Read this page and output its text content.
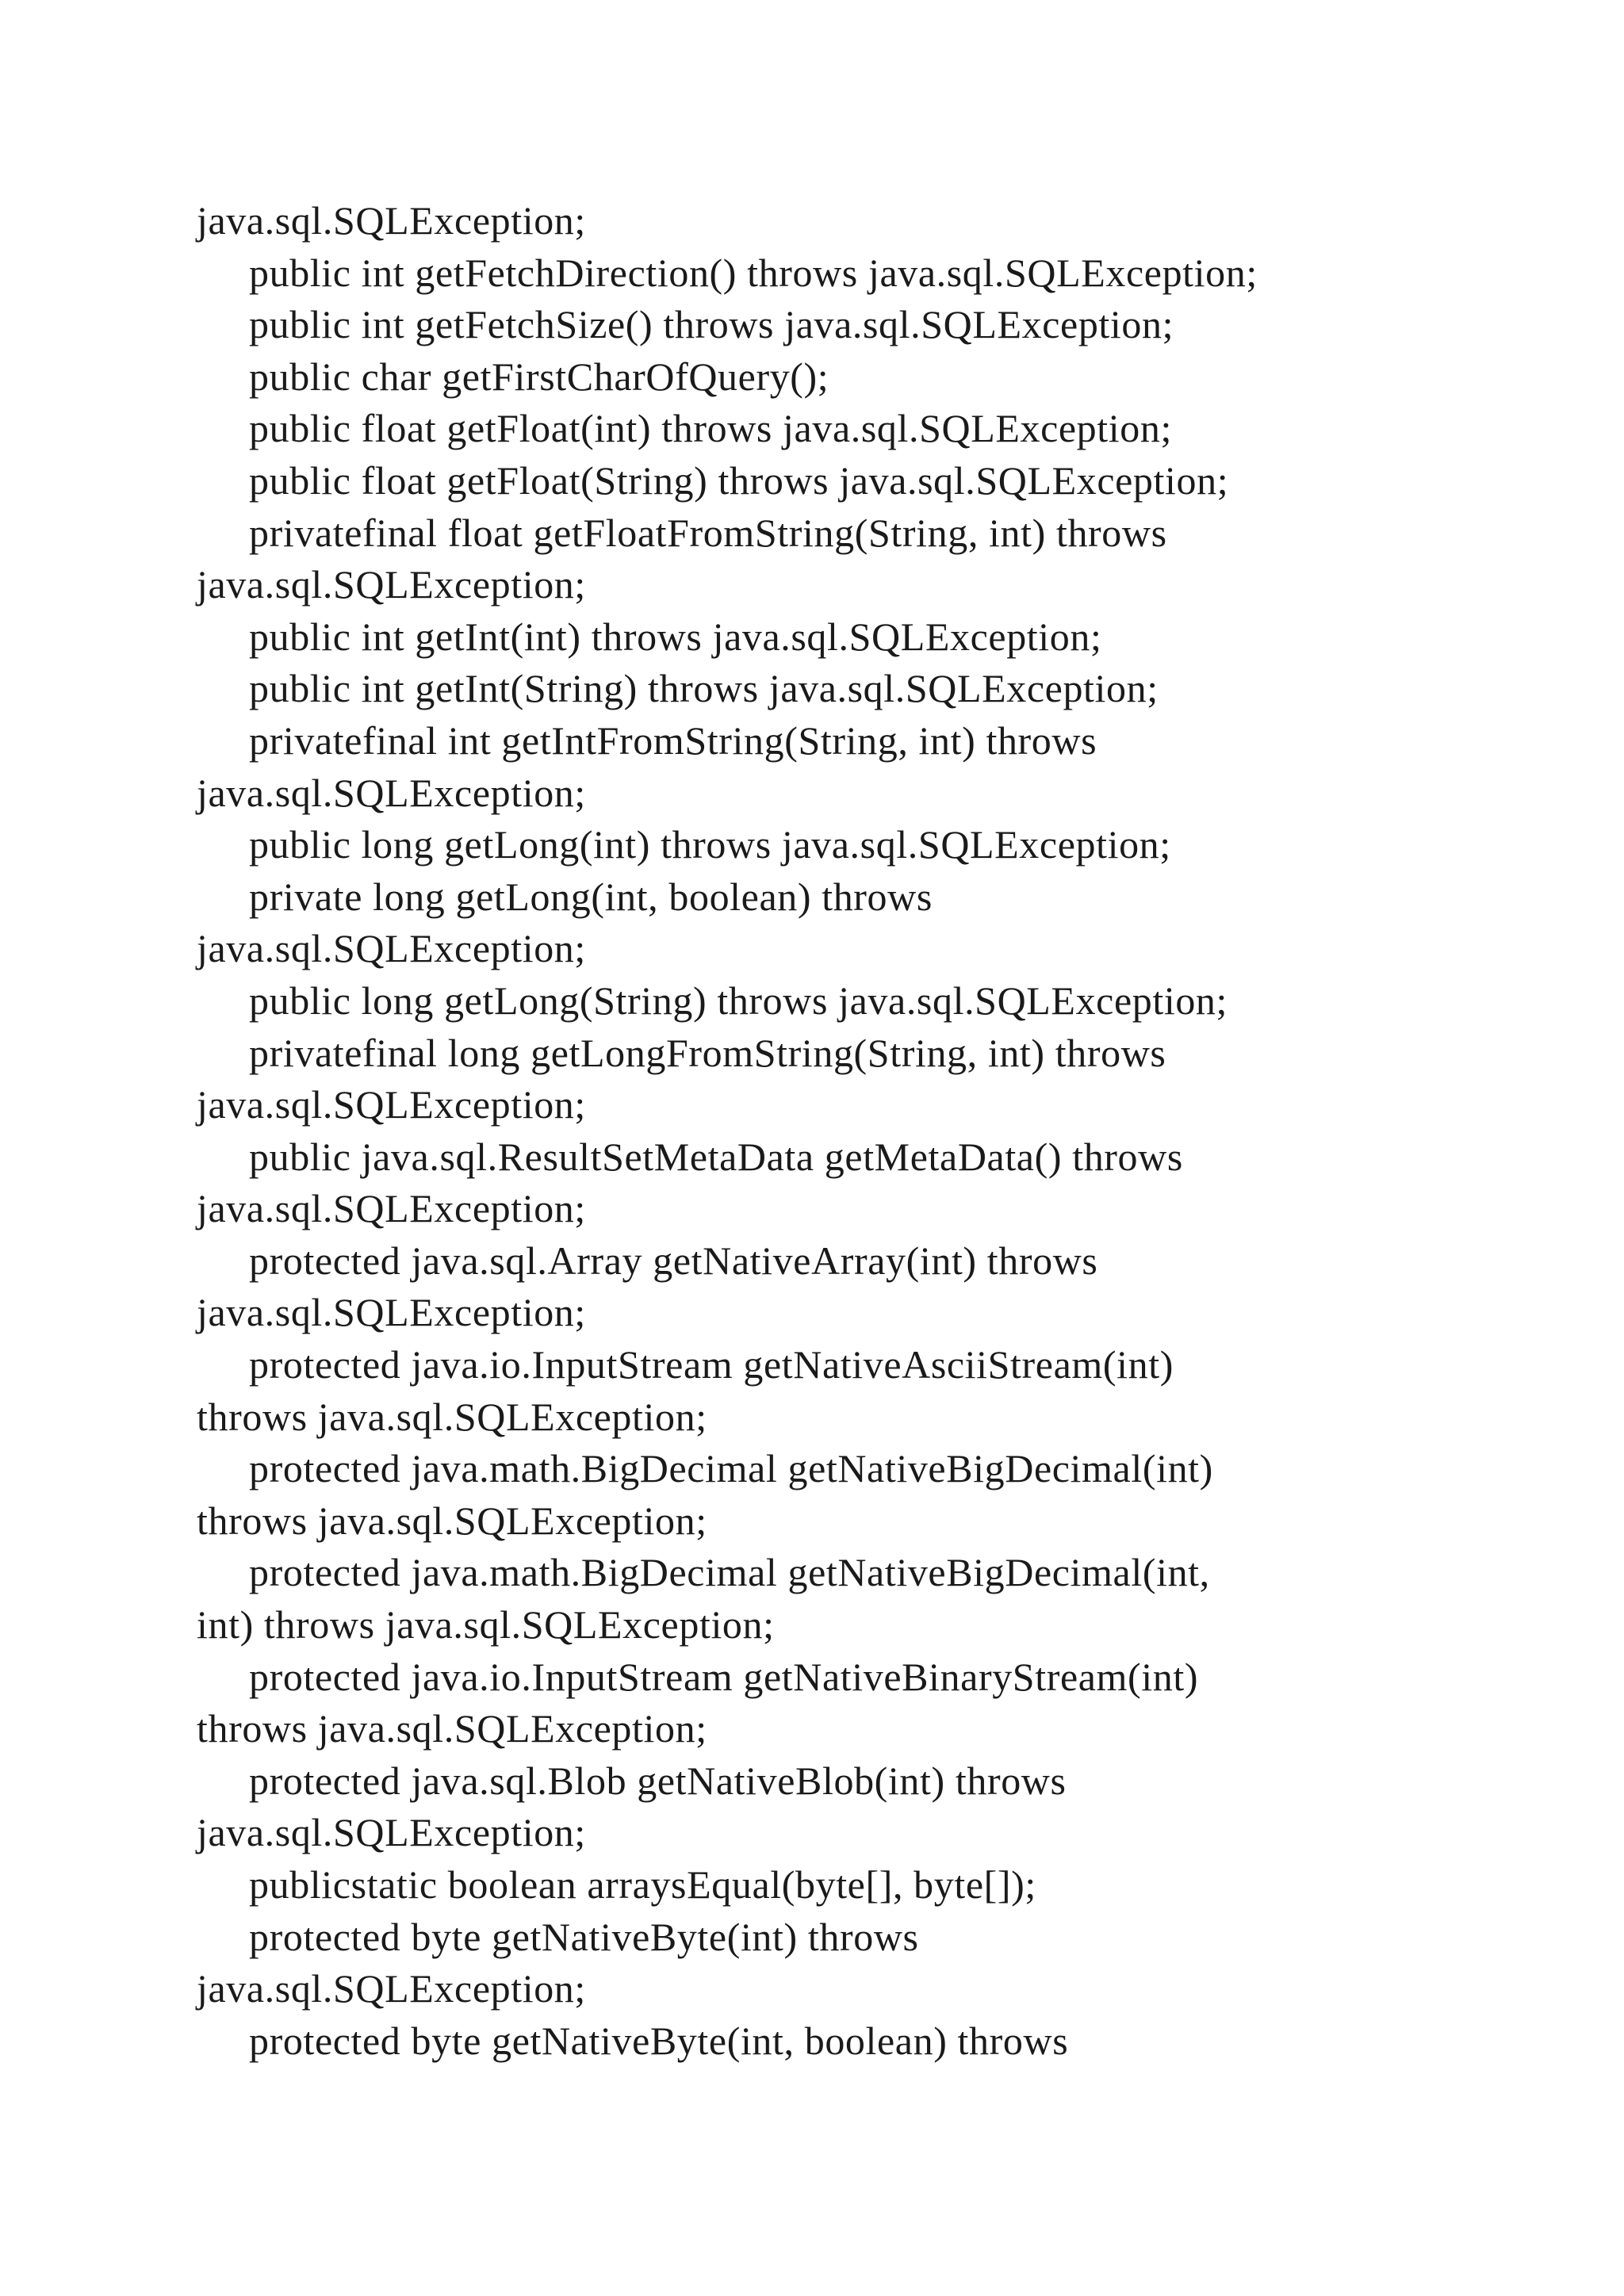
java.sql.SQLException;
public int getFetchDirection() throws java.sql.SQLException;
public int getFetchSize() throws java.sql.SQLException;
public char getFirstCharOfQuery();
public float getFloat(int) throws java.sql.SQLException;
public float getFloat(String) throws java.sql.SQLException;
privatefinal float getFloatFromString(String, int) throws
java.sql.SQLException;
public int getInt(int) throws java.sql.SQLException;
public int getInt(String) throws java.sql.SQLException;
privatefinal int getIntFromString(String, int) throws
java.sql.SQLException;
public long getLong(int) throws java.sql.SQLException;
private long getLong(int, boolean) throws
java.sql.SQLException;
public long getLong(String) throws java.sql.SQLException;
privatefinal long getLongFromString(String, int) throws
java.sql.SQLException;
public java.sql.ResultSetMetaData getMetaData() throws
java.sql.SQLException;
protected java.sql.Array getNativeArray(int) throws
java.sql.SQLException;
protected java.io.InputStream getNativeAsciiStream(int)
throws java.sql.SQLException;
protected java.math.BigDecimal getNativeBigDecimal(int)
throws java.sql.SQLException;
protected java.math.BigDecimal getNativeBigDecimal(int,
int) throws java.sql.SQLException;
protected java.io.InputStream getNativeBinaryStream(int)
throws java.sql.SQLException;
protected java.sql.Blob getNativeBlob(int) throws
java.sql.SQLException;
publicstatic boolean arraysEqual(byte[], byte[]);
protected byte getNativeByte(int) throws
java.sql.SQLException;
protected byte getNativeByte(int, boolean) throws
